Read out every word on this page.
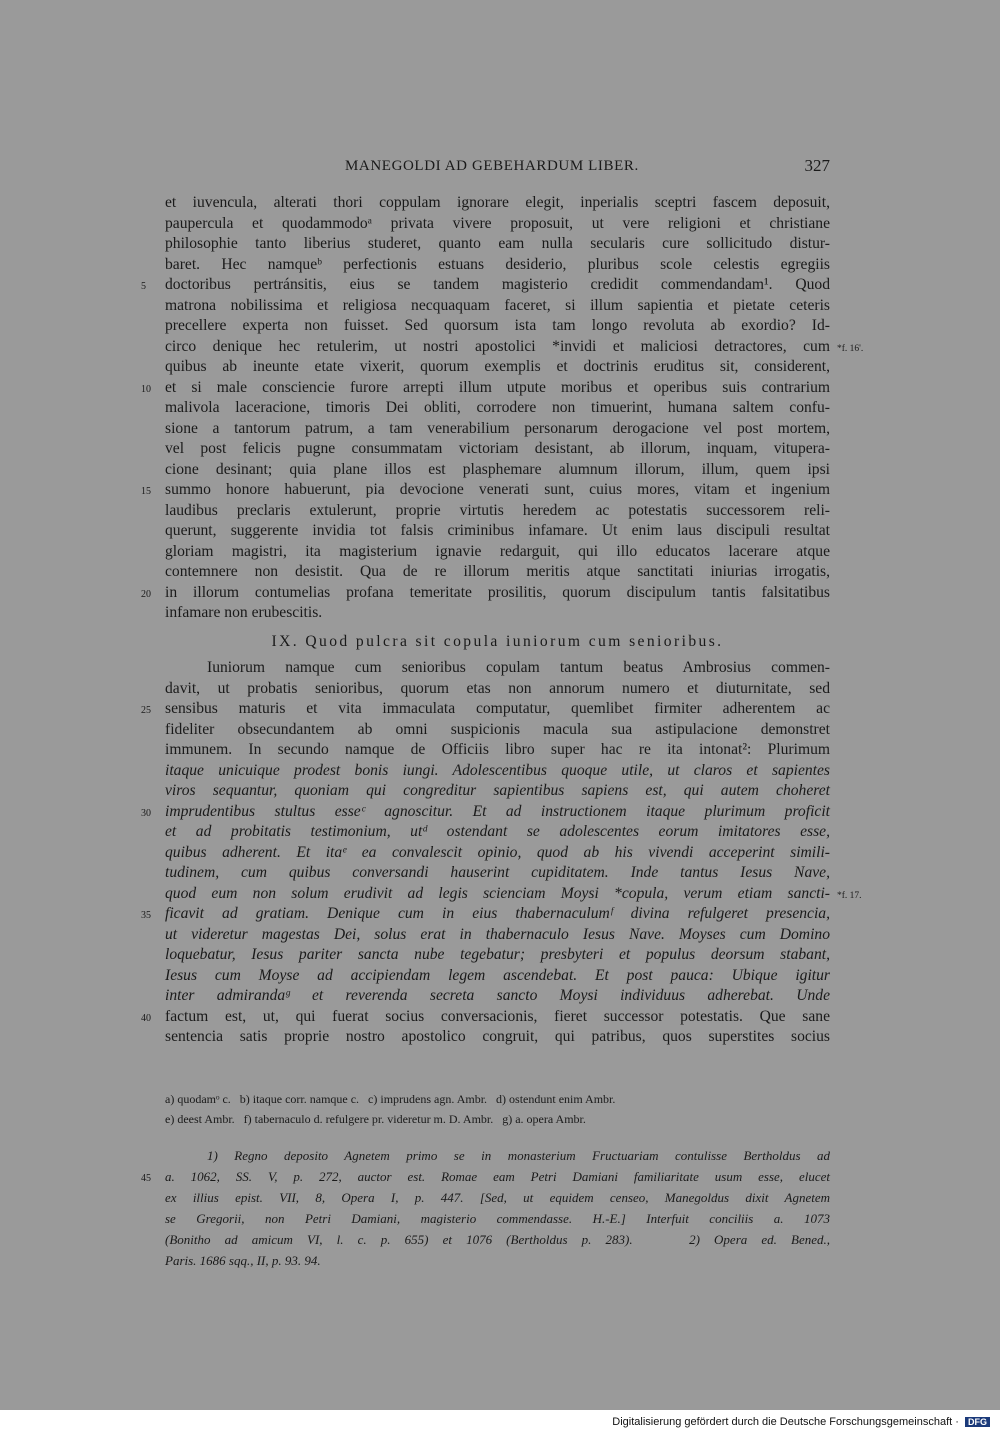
MANEGOLDI AD GEBEHARDUM LIBER.	327
et iuvencula, alterati thori coppulam ignorare elegit, inperialis sceptri fascem deposuit,
paupercula et quodammodoᵃ privata vivere proposuit, ut vere religioni et christiane
philosophie tanto liberius studeret, quanto eam nulla secularis cure sollicitudo distur-
baret. Hec namqueᵇ perfectionis estuans desiderio, pluribus scole celestis egregiis
5	doctoribus pertránsitis, eius se tandem magisterio credidit commendandam¹. Quod
matrona nobilissima et religiosa necquaquam faceret, si illum sapientia et pietate ceteris
precellere experta non fuisset. Sed quorsum ista tam longo revoluta ab exordio? Id-
circo denique hec retulerim, ut nostri apostolici *invidi et maliciosi detractores, cum *f. 16'.
quibus ab ineunte etate vixerit, quorum exemplis et doctrinis eruditus sit, considerent,
10 et si male consciencie furore arrepti illum utpute moribus et operibus suis contrarium
malivola laceracione, timoris Dei obliti, corrodere non timuerint, humana saltem confu-
sione a tantorum patrum, a tam venerabilium personarum derogacione vel post mortem,
vel post felicis pugne consummatam victoriam desistant, ab illorum, inquam, vitupera-
cione desinant; quia plane illos est plasphemare alumnum illorum, illum, quem ipsi
15 summo honore habuerunt, pia devocione venerati sunt, cuius mores, vitam et ingenium
laudibus preclaris extulerunt, proprie virtutis heredem ac potestatis successorem reli-
querunt, suggerente invidia tot falsis criminibus infamare. Ut enim laus discipuli resultat
gloriam magistri, ita magisterium ignavie redarguit, qui illo educatos lacerare atque
contemnere non desistit. Qua de re illorum meritis atque sanctitati iniurias irrogatis,
20 in illorum contumelias profana temeritate prosilitis, quorum discipulum tantis falsitatibus
infamare non erubescitis.
IX. Quod pulcra sit copula iuniorum cum senioribus.
Iuniorum namque cum senioribus copulam tantum beatus Ambrosius commen-
davit, ut probatis senioribus, quorum etas non annorum numero et diuturnitate, sed
25 sensibus maturis et vita immaculata computatur, quemlibet firmiter adherentem ac
fideliter obsecundantem ab omni suspicionis macula sua astipulacione demonstret
immunem. In secundo namque de Officiis libro super hac re ita intonat²: Plurimum
itaque unicuique prodest bonis iungi. Adolescentibus quoque utile, ut claros et sapientes
viros sequantur, quoniam qui congreditur sapientibus sapiens est, qui autem choheret
30 imprudentibus stultus esseᶜ agnoscitur. Et ad instructionem itaque plurimum proficit
et ad probitatis testimonium, utᵈ ostendant se adolescentes eorum imitatores esse,
quibus adherent. Et itaᵉ ea convalescit opinio, quod ab his vivendi acceperint simili-
tudinem, cum quibus conversandi hauserint cupiditatem. Inde tantus Iesus Nave,
quod eum non solum erudivit ad legis scienciam Moysi *copula, verum etiam sancti- *f. 17.
35 ficavit ad gratiam. Denique cum in eius thabernaculumᶠ divina refulgeret presencia,
ut videretur magestas Dei, solus erat in thabernaculo Iesus Nave. Moyses cum Domino
loquebatur, Iesus pariter sancta nube tegebatur; presbyteri et populus deorsum stabant,
Iesus cum Moyse ad accipiendam legem ascendebat. Et post pauca: Ubique igitur
inter admirandaᵍ et reverenda secreta sancto Moysi individuus adherebat. Unde
40 factum est, ut, qui fuerat socius conversacionis, fieret successor potestatis. Que sane
sentencia satis proprie nostro apostolico congruit, qui patribus, quos superstites socius
a) quodamᵒ c.   b) itaque corr. namque c.   c) imprudens agn. Ambr.   d) ostendunt enim Ambr.
e) deest Ambr.   f) tabernaculo d. refulgere pr. videretur m. D. Ambr.   g) a. opera Ambr.
1) Regno deposito Agnetem primo se in monasterium Fructuariam contulisse Bertholdus ad
45	a. 1062, SS. V, p. 272, auctor est. Romae eam Petri Damiani familiaritate usum esse, elucet
ex illius epist. VII, 8, Opera I, p. 447. [Sed, ut equidem censeo, Manegoldus dixit Agnetem
se Gregorii, non Petri Damiani, magisterio commendasse. H.-E.] Interfuit conciliis a. 1073
(Bonitho ad amicum VI, l. c. p. 655) et 1076 (Bertholdus p. 283).    2) Opera ed. Bened.,
Paris. 1686 sqq., II, p. 93. 94.
Digitalisierung gefördert durch die Deutsche Forschungsgemeinschaft · DFG
